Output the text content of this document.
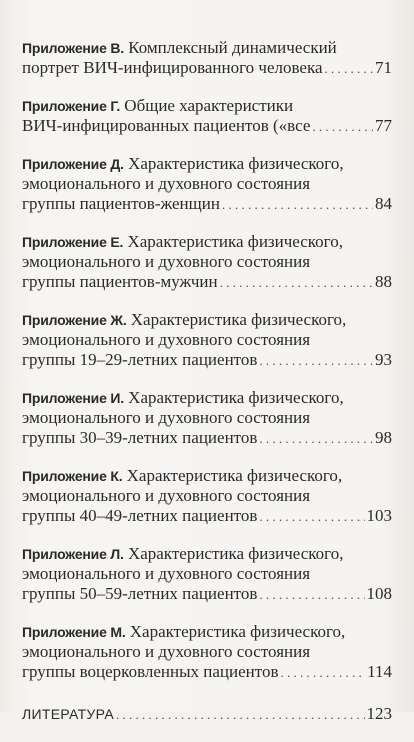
Приложение В. Комплексный динамический
портрет ВИЧ-инфицированного человека . . .	71
Приложение Г. Общие характеристики
ВИЧ-инфицированных пациентов («все . . .	77
Приложение Д. Характеристика физического,
эмоционального и духовного состояния
группы пациентов-женщин . . .	84
Приложение Е. Характеристика физического,
эмоционального и духовного состояния
группы пациентов-мужчин . . .	88
Приложение Ж. Характеристика физического,
эмоционального и духовного состояния
группы 19–29-летних пациентов . . .	93
Приложение И. Характеристика физического,
эмоционального и духовного состояния
группы 30–39-летних пациентов . . .	98
Приложение К. Характеристика физического,
эмоционального и духовного состояния
группы 40–49-летних пациентов . . .	103
Приложение Л. Характеристика физического,
эмоционального и духовного состояния
группы 50–59-летних пациентов . . .	108
Приложение М. Характеристика физического,
эмоционального и духовного состояния
группы воцерковленных пациентов . . .	114
ЛИТЕРАТУРА . . .	123
